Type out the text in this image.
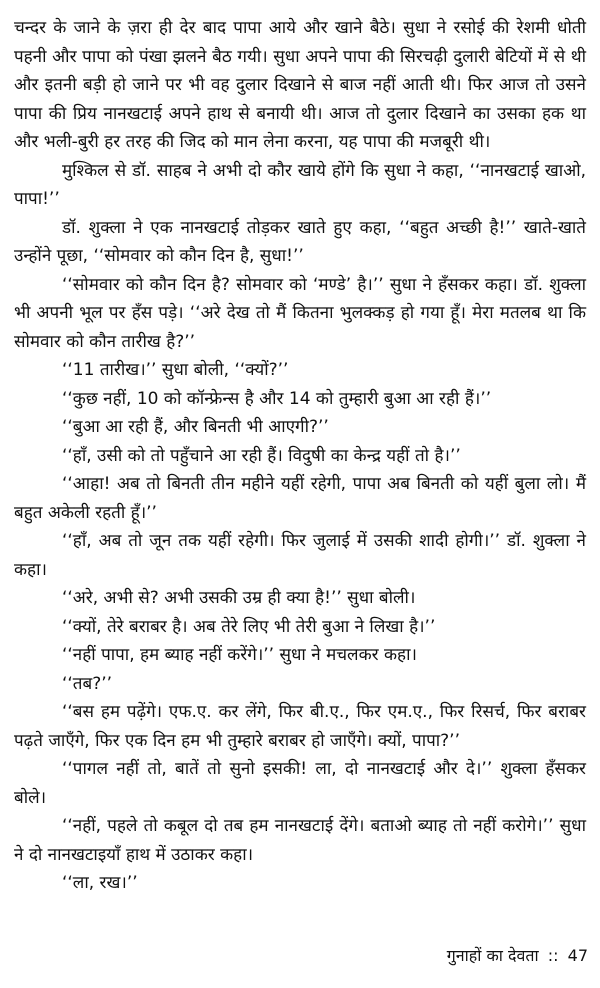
चन्दर के जाने के ज़रा ही देर बाद पापा आये और खाने बैठे। सुधा ने रसोई की रेशमी धोती पहनी और पापा को पंखा झलने बैठ गयी। सुधा अपने पापा की सिरचढ़ी दुलारी बेटियों में से थी और इतनी बड़ी हो जाने पर भी वह दुलार दिखाने से बाज नहीं आती थी। फिर आज तो उसने पापा की प्रिय नानखटाई अपने हाथ से बनायी थी। आज तो दुलार दिखाने का उसका हक था और भली-बुरी हर तरह की जिद को मान लेना करना, यह पापा की मजबूरी थी।

मुश्किल से डॉ. साहब ने अभी दो कौर खाये होंगे कि सुधा ने कहा, ‘‘नानखटाई खाओ, पापा!’’

डॉ. शुक्ला ने एक नानखटाई तोड़कर खाते हुए कहा, ‘‘बहुत अच्छी है!’’ खाते-खाते उन्होंने पूछा, ‘‘सोमवार को कौन दिन है, सुधा!’’

‘‘सोमवार को कौन दिन है? सोमवार को ‘मण्डे’ है।’’ सुधा ने हँसकर कहा। डॉ. शुक्ला भी अपनी भूल पर हँस पड़े। ‘‘अरे देख तो मैं कितना भुलक्कड़ हो गया हूँ। मेरा मतलब था कि सोमवार को कौन तारीख है?’’

‘‘11 तारीख।’’ सुधा बोली, ‘‘क्यों?’’

‘‘कुछ नहीं, 10 को कॉन्फ्रेन्स है और 14 को तुम्हारी बुआ आ रही हैं।’’

‘‘बुआ आ रही हैं, और बिनती भी आएगी?’’

‘‘हाँ, उसी को तो पहुँचाने आ रही हैं। विदुषी का केन्द्र यहीं तो है।’’

‘‘आहा! अब तो बिनती तीन महीने यहीं रहेगी, पापा अब बिनती को यहीं बुला लो। मैं बहुत अकेली रहती हूँ।’’

‘‘हाँ, अब तो जून तक यहीं रहेगी। फिर जुलाई में उसकी शादी होगी।’’ डॉ. शुक्ला ने कहा।

‘‘अरे, अभी से? अभी उसकी उम्र ही क्या है!’’ सुधा बोली।

‘‘क्यों, तेरे बराबर है। अब तेरे लिए भी तेरी बुआ ने लिखा है।’’

‘‘नहीं पापा, हम ब्याह नहीं करेंगे।’’ सुधा ने मचलकर कहा।

‘‘तब?’’

‘‘बस हम पढ़ेंगे। एफ.ए. कर लेंगे, फिर बी.ए., फिर एम.ए., फिर रिसर्च, फिर बराबर पढ़ते जाएँगे, फिर एक दिन हम भी तुम्हारे बराबर हो जाएँगे। क्यों, पापा?’’

‘‘पागल नहीं तो, बातें तो सुनो इसकी! ला, दो नानखटाई और दे।’’ शुक्ला हँसकर बोले।

‘‘नहीं, पहले तो कबूल दो तब हम नानखटाई देंगे। बताओ ब्याह तो नहीं करोगे।’’ सुधा ने दो नानखटाइयाँ हाथ में उठाकर कहा।

‘‘ला, रख।’’

गुनाहों का देवता :: 47
